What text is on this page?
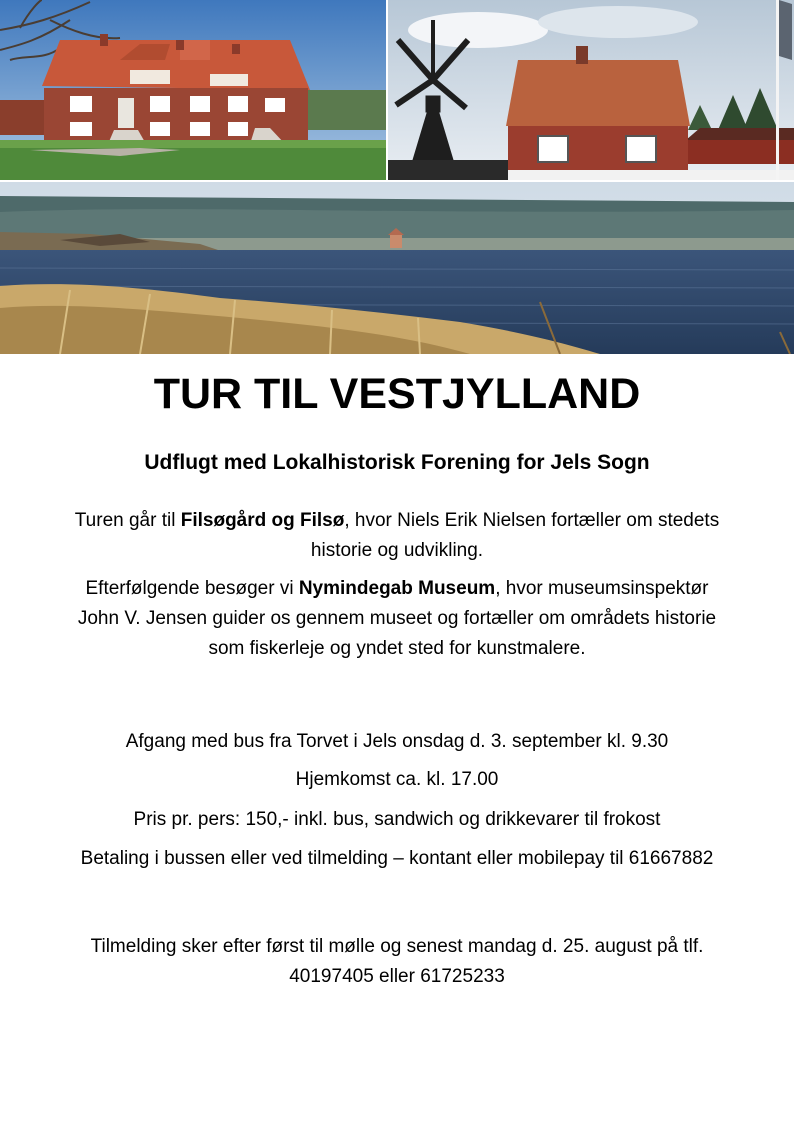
TUR TIL VESTJYLLAND
Udflugt med Lokalhistorisk Forening for Jels Sogn

Turen går til Filsøgård og Filsø, hvor Niels Erik Nielsen fortæller om stedets historie og udvikling.

Efterfølgende besøger vi Nymindegab Museum, hvor museumsinspektør John V. Jensen guider os gennem museet og fortæller om områdets historie som fiskerleje og yndet sted for kunstmalere.

Afgang med bus fra Torvet i Jels onsdag d. 3. september kl. 9.30

Hjemkomst ca. kl. 17.00

Pris pr. pers: 150,- inkl. bus, sandwich og drikkevarer til frokost

Betaling i bussen eller ved tilmelding – kontant eller mobilepay til 61667882

Tilmelding sker efter først til mølle og senest mandag d. 25. august på tlf. 40197405 eller 61725233
